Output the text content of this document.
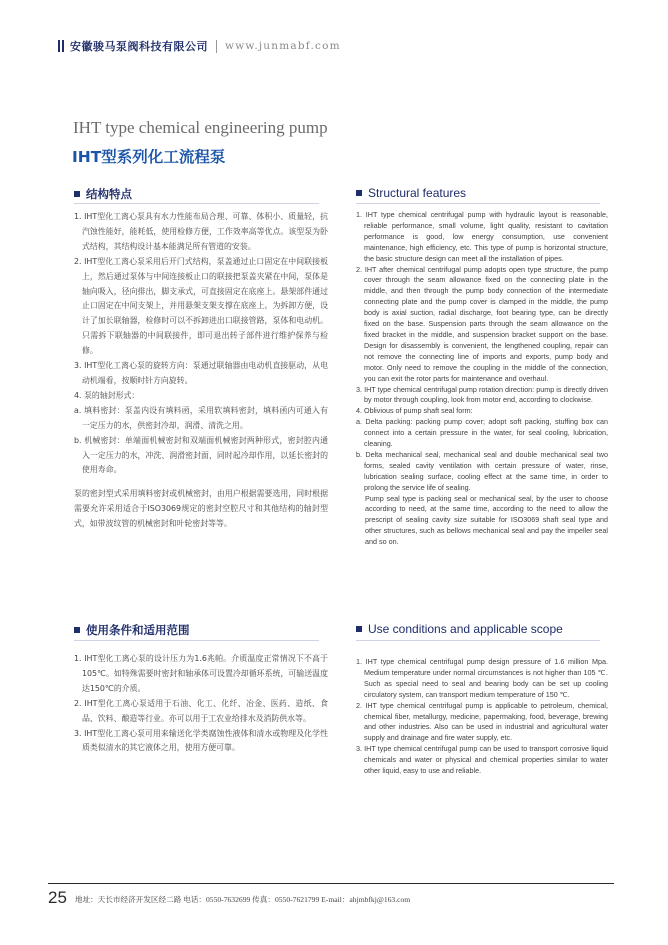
安徽骏马泵阀科技有限公司 www.junmabf.com
IHT type chemical engineering pump
IHT型系列化工流程泵
结构特点

1. IHT型化工离心泵具有水力性能布局合理、可靠、体积小、质量轻，抗汽蚀性能好，能耗低，使用检修方便，工作效率高等优点。该型泵为卧式结构，其结构设计基本能满足所有管道的安装。

2. IHT型化工离心泵采用后开门式结构，泵盖通过止口固定在中间联接板上，然后通过泵体与中间连接板止口的联接把泵盖夹紧在中间，泵体是轴向吸入，径向排出，脚支承式，可直接固定在底座上。悬架部件通过止口固定在中间支架上，并用悬架支架支撑在底座上。为拆卸方便，设计了加长联轴器，检修时可以不拆卸进出口联接管路，泵体和电动机。只需拆下联轴器的中间联接件，即可退出转子部件进行维护保养与检修。

3. IHT型化工离心泵的旋转方向：泵通过联轴器由电动机直接驱动，从电动机端看，按顺时针方向旋转。

4. 泵的轴封形式：

a. 填料密封：泵盖内设有填料函，采用软填料密封，填料函内可通入有一定压力的水，供密封冷却，润滑、清洗之用。

b. 机械密封：单端面机械密封和双端面机械密封两种形式，密封腔内通入一定压力的水，冲洗、润滑密封面，同时起冷却作用，以延长密封的使用寿命。

泵的密封型式采用填料密封或机械密封，由用户根据需要选用，同时根据需要允许采用适合于ISO3069规定的密封空腔尺寸和其他结构的轴封型式，如带波纹管的机械密封和叶轮密封等等。

Structural features

1. IHT type chemical centrifugal pump with hydraulic layout is reasonable, reliable performance, small volume, light quality, resistant to cavitation performance is good, low energy consumption, use convenient maintenance, high efficiency, etc. This type of pump is horizontal structure, the basic structure design can meet all the installation of pipes.

2. IHT after chemical centrifugal pump adopts open type structure, the pump cover through the seam allowance fixed on the connecting plate in the middle, and then through the pump body connection of the intermediate connecting plate and the pump cover is clamped in the middle, the pump body is axial suction, radial discharge, foot bearing type, can be directly fixed on the base. Suspension parts through the seam allowance on the fixed bracket in the middle, and suspension bracket support on the base. Design for disassembly is convenient, the lengthened coupling, repair can not remove the connecting line of imports and exports, pump body and motor. Only need to remove the coupling in the middle of the connection, you can exit the rotor parts for maintenance and overhaul.

3. IHT type chemical centrifugal pump rotation direction: pump is directly driven by motor through coupling, look from motor end, according to clockwise.

4. Oblivious of pump shaft seal form:

a. Delta packing: packing pump cover; adopt soft packing, stuffing box can connect into a certain pressure in the water, for seal cooling, lubrication, cleaning.

b. Delta mechanical seal, mechanical seal and double mechanical seal two forms, sealed cavity ventilation with certain pressure of water, rinse, lubrication sealing surface, cooling effect at the same time, in order to prolong the service life of sealing.

Pump seal type is packing seal or mechanical seal, by the user to choose according to need, at the same time, according to the need to allow the prescript of sealing cavity size suitable for ISO3069 shaft seal type and other structures, such as bellows mechanical seal and pay the impeller seal and so on.

使用条件和适用范围

1. IHT型化工离心泵的设计压力为1.6兆帕。介质温度正常情况下不高于105℃。如特殊需要时密封和轴承体可设置冷却循环系统，可输送温度达150℃的介质。

2. IHT型化工离心泵适用于石油、化工、化纤、冶金、医药、造纸、食品、饮料、酿造等行业。亦可以用于工农业给排水及消防供水等。

3. IHT型化工离心泵可用来输送化学类腐蚀性液体和清水或物理及化学性质类似清水的其它液体之用，使用方便可靠。

Use conditions and applicable scope

1. IHT type chemical centrifugal pump design pressure of 1.6 million Mpa. Medium temperature under normal circumstances is not higher than 105 ℃. Such as special need to seal and bearing body can be set up cooling circulatory system, can transport medium temperature of 150 ℃.

2. IHT type chemical centrifugal pump is applicable to petroleum, chemical, chemical fiber, metallurgy, medicine, papermaking, food, beverage, brewing and other industries. Also can be used in industrial and agricultural water supply and drainage and fire water supply, etc.

3. IHT type chemical centrifugal pump can be used to transport corrosive liquid chemicals and water or physical and chemical properties similar to water other liquid, easy to use and reliable.

25 地址：天长市经济开发区经二路 电话：0550-7632699 传真：0550-7621799 E-mail：ahjmbfkj@163.com
